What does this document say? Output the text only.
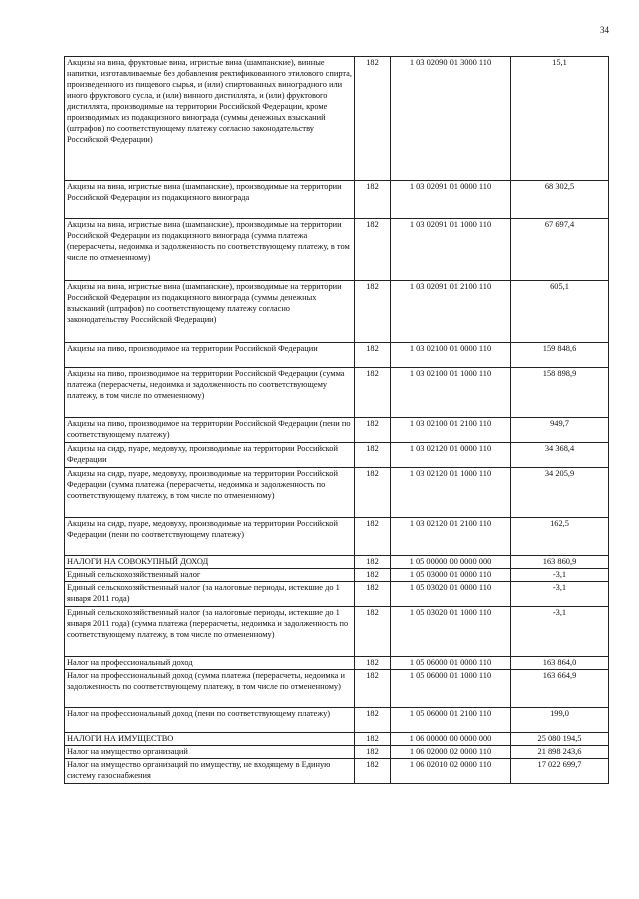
34
Акцизы на вина, фруктовые вина, игристые вина (шампанские), винные напитки, изготавливаемые без добавления ректификованного этилового спирта, произведенного из пищевого сырья, и (или) спиртованных виноградного или иного фруктового сусла, и (или) винного дистиллята, и (или) фруктового дистиллята, производимые на территории Российской Федерации, кроме производимых из подакцизного винограда (суммы денежных взысканий (штрафов) по соответствующему платежу согласно законодательству Российской Федерации)	182	1 03 02090 01 3000 110	15,1
Акцизы на вина, игристые вина (шампанские), производимые на территории Российской Федерации из подакцизного винограда	182	1 03 02091 01 0000 110	68 302,5
Акцизы на вина, игристые вина (шампанские), производимые на территории Российской Федерации из подакцизного винограда (сумма платежа (перерасчеты, недоимка и задолженность по соответствующему платежу, в том числе по отмененному)	182	1 03 02091 01 1000 110	67 697,4
Акцизы на вина, игристые вина (шампанские), производимые на территории Российской Федерации из подакцизного винограда (суммы денежных взысканий (штрафов) по соответствующему платежу согласно законодательству Российской Федерации)	182	1 03 02091 01 2100 110	605,1
Акцизы на пиво, производимое на территории Российской Федерации	182	1 03 02100 01 0000 110	159 848,6
Акцизы на пиво, производимое на территории Российской Федерации (сумма платежа (перерасчеты, недоимка и задолженность по соответствующему платежу, в том числе по отмененному)	182	1 03 02100 01 1000 110	158 898,9
Акцизы на пиво, производимое на территории Российской Федерации (пени по соответствующему платежу)	182	1 03 02100 01 2100 110	949,7
Акцизы на сидр, пуаре, медовуху, производимые на территории Российской Федерации	182	1 03 02120 01 0000 110	34 368,4
Акцизы на сидр, пуаре, медовуху, производимые на территории Российской Федерации (сумма платежа (перерасчеты, недоимка и задолженность по соответствующему платежу, в том числе по отмененному)	182	1 03 02120 01 1000 110	34 205,9
Акцизы на сидр, пуаре, медовуху, производимые на территории Российской Федерации (пени по соответствующему платежу)	182	1 03 02120 01 2100 110	162,5
НАЛОГИ НА СОВОКУПНЫЙ ДОХОД	182	1 05 00000 00 0000 000	163 860,9
Единый сельскохозяйственный налог	182	1 05 03000 01 0000 110	-3,1
Единый сельскохозяйственный налог (за налоговые периоды, истекшие до 1 января 2011 года)	182	1 05 03020 01 0000 110	-3,1
Единый сельскохозяйственный налог (за налоговые периоды, истекшие до 1 января 2011 года) (сумма платежа (перерасчеты, недоимка и задолженность по соответствующему платежу, в том числе по отмененному)	182	1 05 03020 01 1000 110	-3,1
Налог на профессиональный доход	182	1 05 06000 01 0000 110	163 864,0
Налог на профессиональный доход (сумма платежа (перерасчеты, недоимка и задолженность по соответствующему платежу, в том числе по отмененному)	182	1 05 06000 01 1000 110	163 664,9
Налог на профессиональный доход (пени по соответствующему платежу)	182	1 05 06000 01 2100 110	199,0
НАЛОГИ НА ИМУЩЕСТВО	182	1 06 00000 00 0000 000	25 080 194,5
Налог на имущество организаций	182	1 06 02000 02 0000 110	21 898 243,6
Налог на имущество организаций по имуществу, не входящему в Единую систему газоснабжения	182	1 06 02010 02 0000 110	17 022 699,7
